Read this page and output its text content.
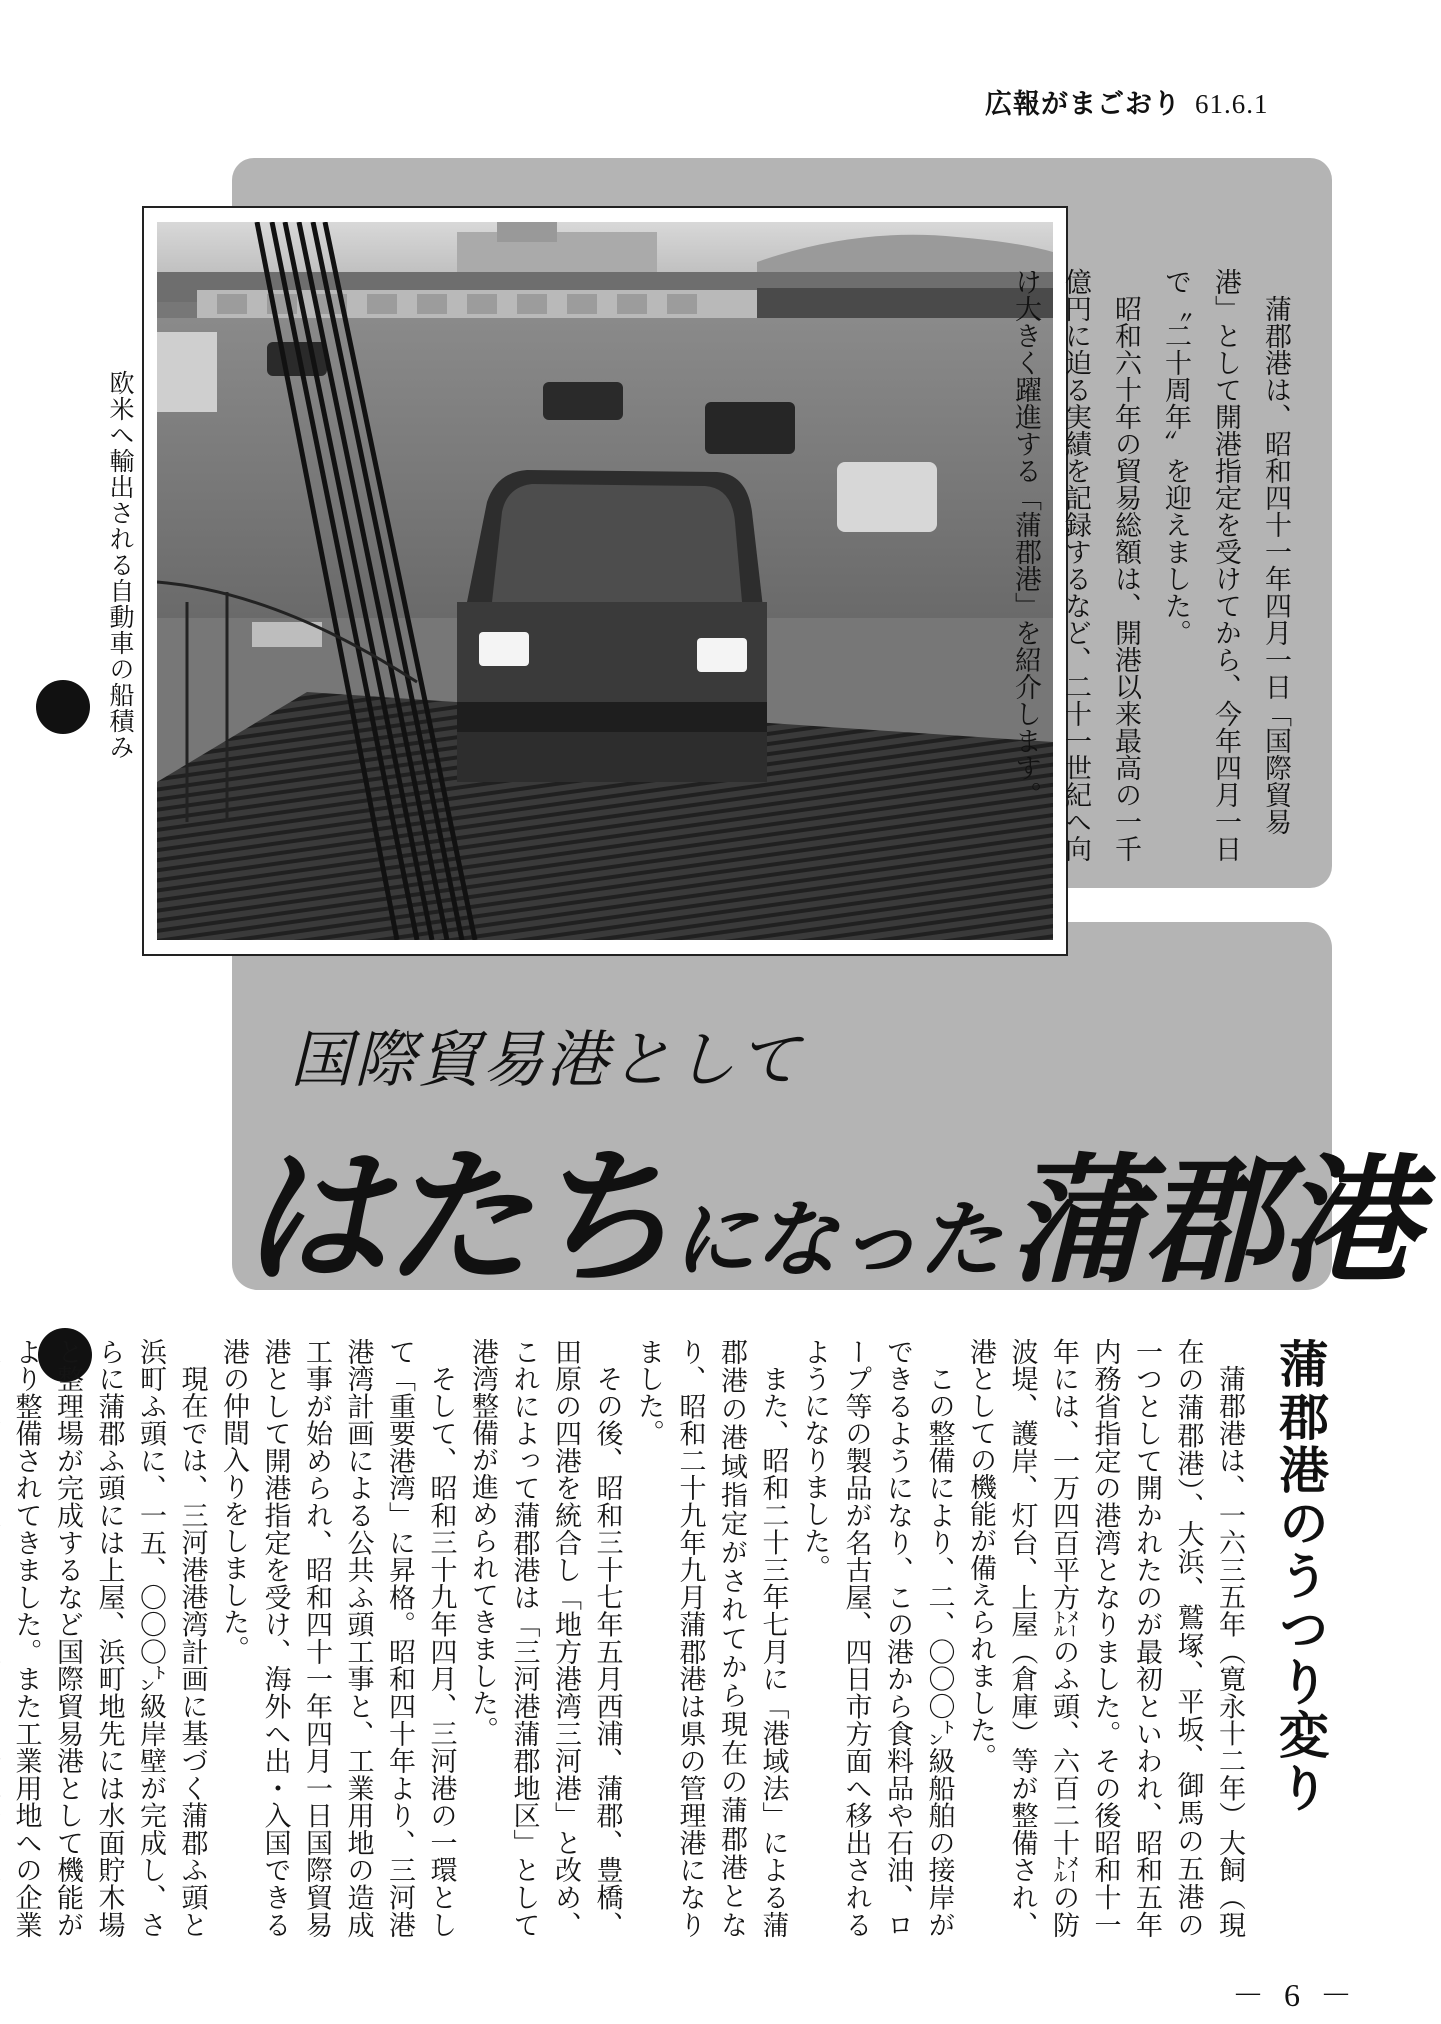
広報がまごおり 61.6.1

蒲郡港は、昭和四十一年四月一日「国際貿易港」として開港指定を受けてから、今年四月一日で〝二十周年〟を迎えました。

昭和六十年の貿易総額は、開港以来最高の一千億円に迫る実績を記録するなど、二十一世紀へ向け大きく躍進する「蒲郡港」を紹介します。

欧米へ輸出される自動車の船積み
国際貿易港として
はたちになった蒲郡港
蒲郡港のうつり変り

蒲郡港は、一六三五年（寛永十二年）大飼（現在の蒲郡港）、大浜、鷲塚、平坂、御馬の五港の一つとして開かれたのが最初といわれ、昭和五年内務省指定の港湾となりました。その後昭和十一年には、一万四百平方㍍のふ頭、六百二十㍍の防波堤、護岸、灯台、上屋（倉庫）等が整備され、港としての機能が備えられました。

この整備により、二、〇〇〇㌧級船舶の接岸ができるようになり、この港から食料品や石油、ロープ等の製品が名古屋、四日市方面へ移出されるようになりました。

また、昭和二十三年七月に「港域法」による蒲郡港の港域指定がされてから現在の蒲郡港となり、昭和二十九年九月蒲郡港は県の管理港になりました。

その後、昭和三十七年五月西浦、蒲郡、豊橋、田原の四港を統合し「地方港湾三河港」と改め、これによって蒲郡港は「三河港蒲郡地区」として港湾整備が進められてきました。

そして、昭和三十九年四月、三河港の一環として「重要港湾」に昇格。昭和四十年より、三河港港湾計画による公共ふ頭工事と、工業用地の造成工事が始められ、昭和四十一年四月一日国際貿易港として開港指定を受け、海外へ出・入国できる港の仲間入りをしました。

現在では、三河港港湾計画に基づく蒲郡ふ頭と浜町ふ頭に、一五、〇〇〇㌧級岸壁が完成し、さらに蒲郡ふ頭には上屋、浜町地先には水面貯木場と整理場が完成するなど国際貿易港として機能がより整備されてきました。また工業用地への企業

－ 6 －
